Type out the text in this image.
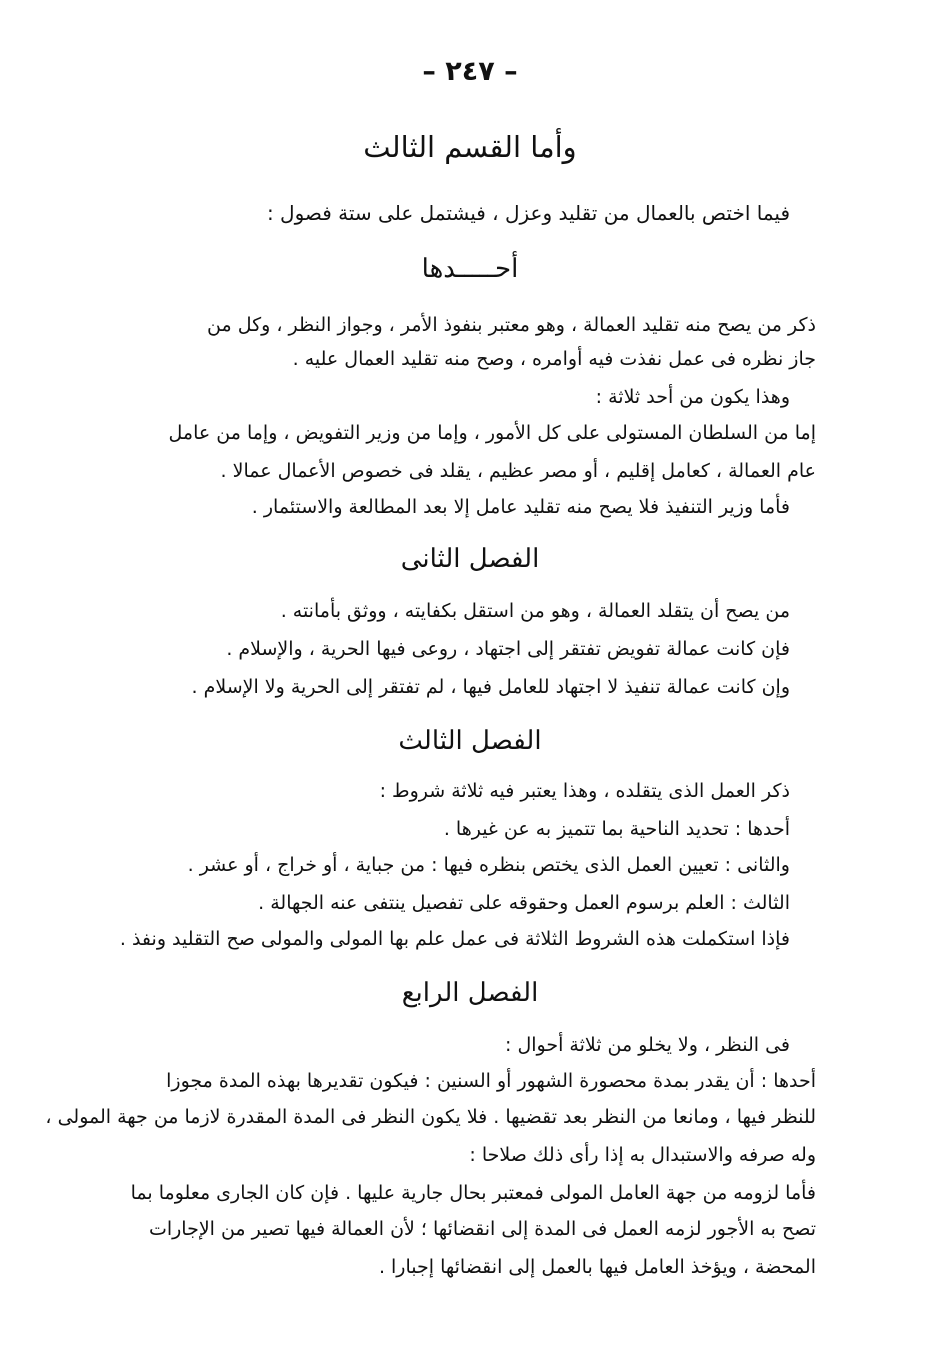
– ٢٤٧ –
وأما القسم الثالث
فيما اختص بالعمال من تقليد وعزل ، فيشتمل على ستة فصول :
أحـــــدها
ذكر من يصح منه تقليد العمالة ، وهو معتبر بنفوذ الأمر ، وجواز النظر ، وكل من
جاز نظره فى عمل نفذت فيه أوامره ، وصح منه تقليد العمال عليه .
وهذا يكون من أحد ثلاثة :
إما من السلطان المستولى على كل الأمور ، وإما من وزير التفويض ، وإما من عامل
عام العمالة ، كعامل إقليم ، أو مصر عظيم ، يقلد فى خصوص الأعمال عمالا .
فأما وزير التنفيذ فلا يصح منه تقليد عامل إلا بعد المطالعة والاستئمار .
الفصل الثانى
من يصح أن يتقلد العمالة ، وهو من استقل بكفايته ، ووثق بأمانته .
فإن كانت عمالة تفويض تفتقر إلى اجتهاد ، روعى فيها الحرية ، والإسلام .
وإن كانت عمالة تنفيذ لا اجتهاد للعامل فيها ، لم تفتقر إلى الحرية ولا الإسلام .
الفصل الثالث
ذكر العمل الذى يتقلده ، وهذا يعتبر فيه ثلاثة شروط :
أحدها : تحديد الناحية بما تتميز به عن غيرها .
والثانى : تعيين العمل الذى يختص بنظره فيها : من جباية ، أو خراج ، أو عشر .
الثالث : العلم برسوم العمل وحقوقه على تفصيل ينتفى عنه الجهالة .
فإذا استكملت هذه الشروط الثلاثة فى عمل علم بها المولى والمولى صح التقليد ونفذ .
الفصل الرابع
فى النظر ، ولا يخلو من ثلاثة أحوال :
أحدها : أن يقدر بمدة محصورة الشهور أو السنين : فيكون تقديرها بهذه المدة مجوزا
للنظر فيها ، ومانعا من النظر بعد تقضيها . فلا يكون النظر فى المدة المقدرة لازما من جهة المولى ،
وله صرفه والاستبدال به إذا رأى ذلك صلاحا :
فأما لزومه من جهة العامل المولى فمعتبر بحال جارية عليها . فإن كان الجارى معلوما بما
تصح به الأجور لزمه العمل فى المدة إلى انقضائها ؛ لأن العمالة فيها تصير من الإجارات
المحضة ، ويؤخذ العامل فيها بالعمل إلى انقضائها إجبارا .
